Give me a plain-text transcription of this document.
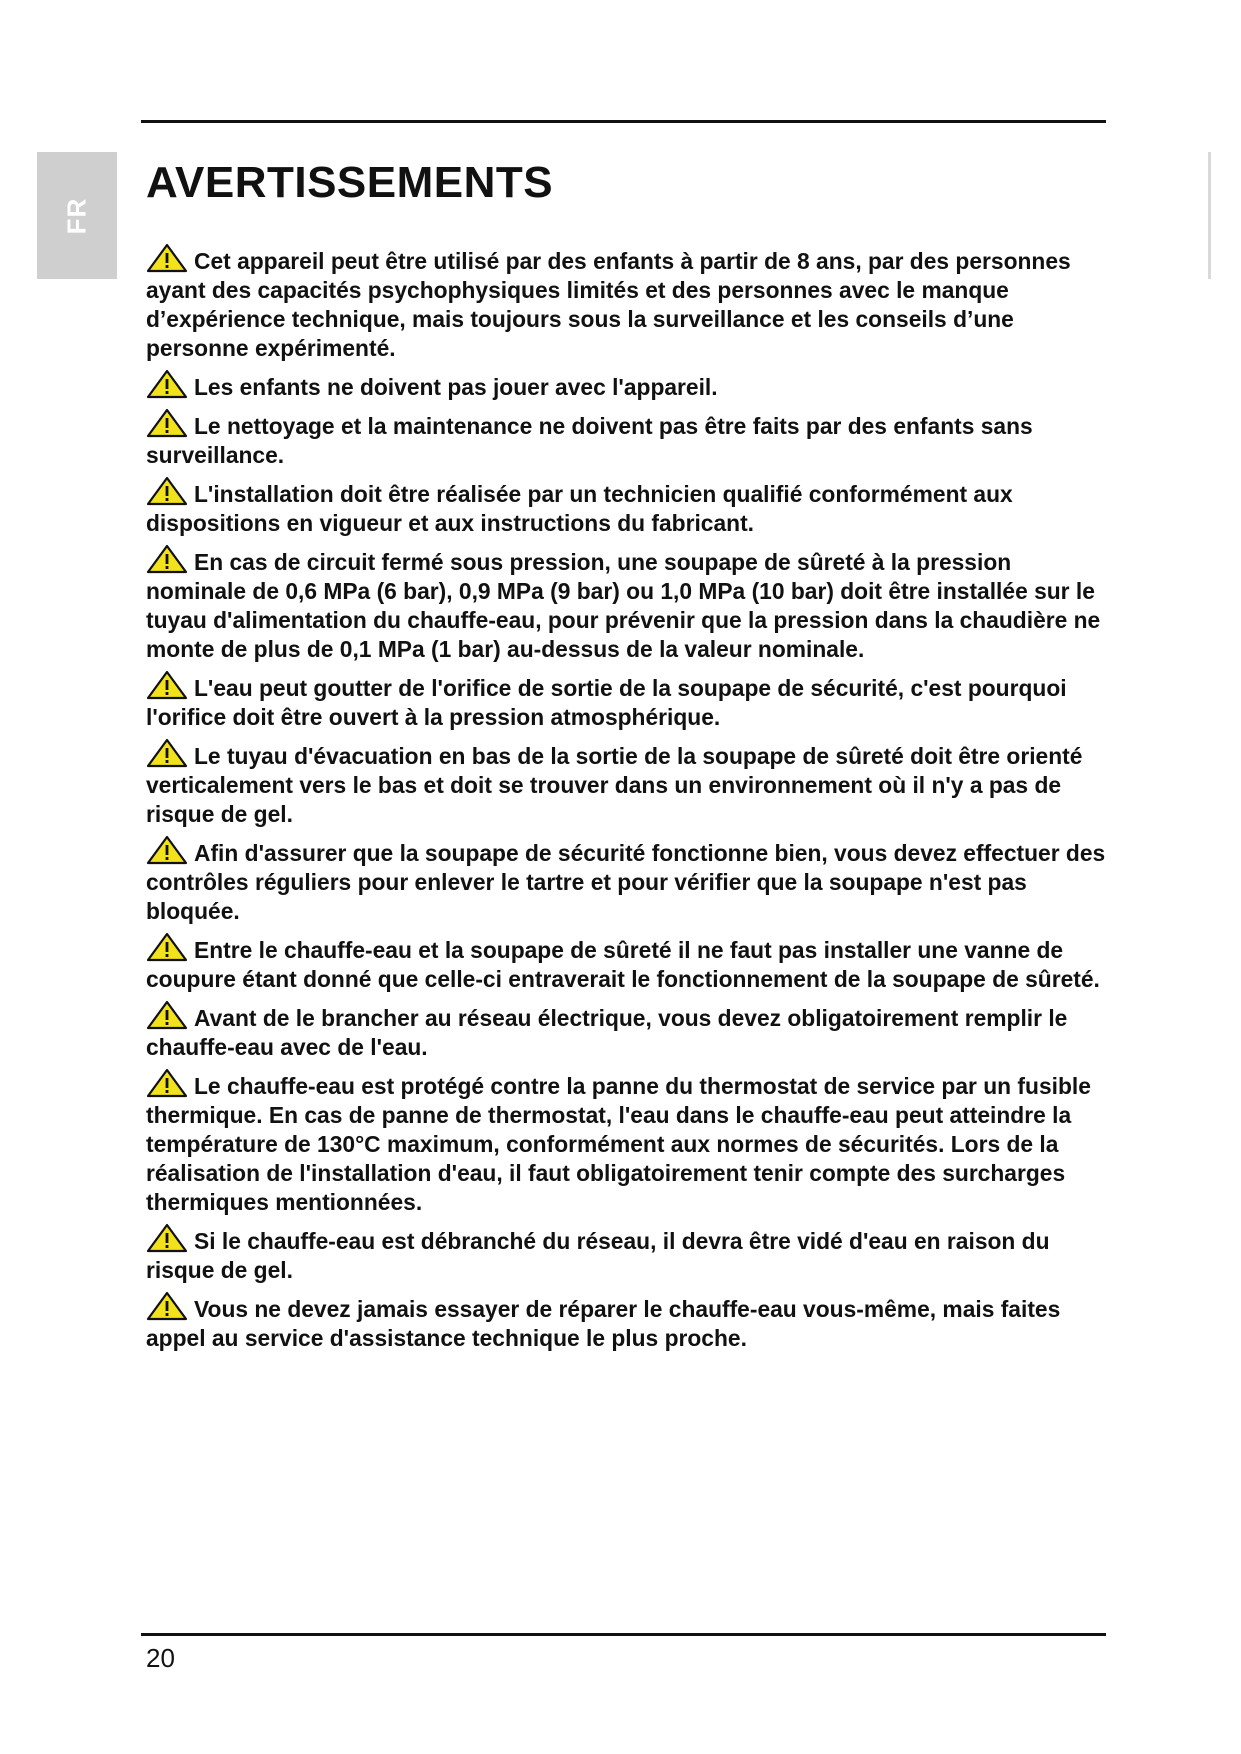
FR
AVERTISSEMENTS
Cet appareil peut être utilisé par des enfants à partir de 8 ans, par des personnes ayant des capacités psychophysiques limités et des personnes avec le manque d’expérience technique, mais toujours sous la surveillance et les conseils d’une personne expérimenté.
Les enfants ne doivent pas jouer avec l'appareil.
Le nettoyage et la maintenance ne doivent pas être faits par des enfants sans surveillance.
L'installation doit être réalisée par un technicien qualifié conformément aux dispositions en vigueur et aux instructions du fabricant.
En cas de circuit fermé sous pression, une soupape de sûreté à la pression nominale de 0,6 MPa (6 bar), 0,9 MPa (9 bar) ou 1,0 MPa (10 bar) doit être installée sur le tuyau d'alimentation du chauffe-eau, pour prévenir que la pression dans la chaudière ne monte de plus de 0,1 MPa (1 bar) au-dessus de la valeur nominale.
L'eau peut goutter de l'orifice de sortie de la soupape de sécurité, c'est pourquoi l'orifice doit être ouvert à la pression atmosphérique.
Le tuyau d'évacuation en bas de la sortie de la soupape de sûreté doit être orienté verticalement vers le bas et doit se trouver dans un environnement où il n'y a pas de risque de gel.
Afin d'assurer que la soupape de sécurité fonctionne bien, vous devez effectuer des contrôles réguliers pour enlever le tartre et pour vérifier que la soupape n'est pas bloquée.
Entre le chauffe-eau et la soupape de sûreté il ne faut pas installer une vanne de coupure étant donné que celle-ci entraverait le fonctionnement de la soupape de sûreté.
Avant de le brancher au réseau électrique, vous devez obligatoirement remplir le chauffe-eau avec de l'eau.
Le chauffe-eau est protégé contre la panne du thermostat de service par un fusible thermique. En cas de panne de thermostat, l'eau dans le chauffe-eau peut atteindre la température de 130°C maximum, conformément aux normes de sécurités. Lors de la réalisation de l'installation d'eau, il faut obligatoirement tenir compte des surcharges thermiques mentionnées.
Si le chauffe-eau est débranché du réseau, il devra être vidé d'eau en raison du risque de gel.
Vous ne devez jamais essayer de réparer le chauffe-eau vous-même, mais faites appel au service d'assistance technique le plus proche.
20
